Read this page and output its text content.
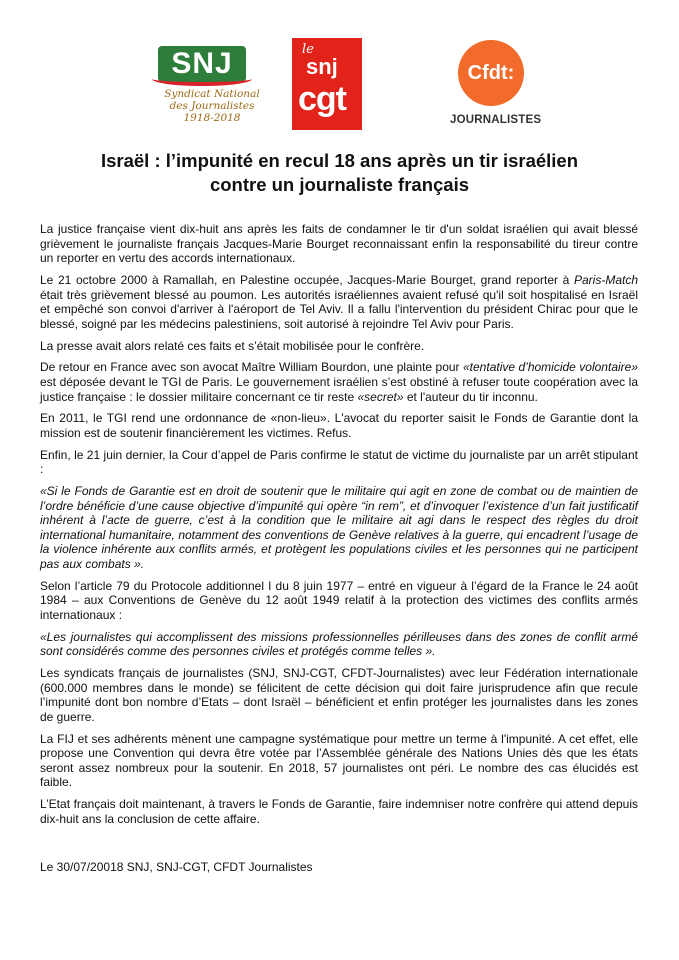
SNJ
Syndicat National
des Journalistes
1918-2018
le
snj
cgt
Cfdt:
JOURNALISTES
Israël : l’impunité en recul 18 ans après un tir israélien
contre un journaliste français

La justice française vient dix-huit ans après les faits de condamner le tir d'un soldat israélien qui avait blessé grièvement le journaliste français Jacques-Marie Bourget reconnaissant enfin la responsabilité du tireur contre un reporter en vertu des accords internationaux.

Le 21 octobre 2000 à Ramallah, en Palestine occupée, Jacques-Marie Bourget, grand reporter à Paris-Match était très grièvement blessé au poumon. Les autorités israéliennes avaient refusé qu'il soit hospitalisé en Israël et empêché son convoi d'arriver à l'aéroport de Tel Aviv. Il a fallu l'intervention du président Chirac pour que le blessé, soigné par les médecins palestiniens, soit autorisé à rejoindre Tel Aviv pour Paris.

La presse avait alors relaté ces faits et s’était mobilisée pour le confrère.

De retour en France avec son avocat Maître William Bourdon, une plainte pour «tentative d’homicide volontaire» est déposée devant le TGI de Paris. Le gouvernement israélien s’est obstiné à refuser toute coopération avec la justice française : le dossier militaire concernant ce tir reste «secret» et l'auteur du tir inconnu.

En 2011, le TGI rend une ordonnance de «non-lieu». L'avocat du reporter saisit le Fonds de Garantie dont la mission est de soutenir financièrement les victimes. Refus.

Enfin, le 21 juin dernier, la Cour d’appel de Paris confirme le statut de victime du journaliste par un arrêt stipulant :

«Si le Fonds de Garantie est en droit de soutenir que le militaire qui agit en zone de combat ou de maintien de l’ordre bénéficie d’une cause objective d’impunité qui opère “in rem”, et d’invoquer l’existence d’un fait justificatif inhérent à l’acte de guerre, c’est à la condition que le militaire ait agi dans le respect des règles du droit international humanitaire, notamment des conventions de Genève relatives à la guerre, qui encadrent l’usage de la violence inhérente aux conflits armés, et protègent les populations civiles et les personnes qui ne participent pas aux combats ».

Selon l’article 79 du Protocole additionnel I du 8 juin 1977 – entré en vigueur à l’égard de la France le 24 août 1984 – aux Conventions de Genève du 12 août 1949 relatif à la protection des victimes des conflits armés internationaux :

«Les journalistes qui accomplissent des missions professionnelles périlleuses dans des zones de conflit armé sont considérés comme des personnes civiles et protégés comme telles ».

Les syndicats français de journalistes (SNJ, SNJ-CGT, CFDT-Journalistes) avec leur Fédération internationale (600.000 membres dans le monde) se félicitent de cette décision qui doit faire jurisprudence afin que recule l’impunité dont bon nombre d’Etats – dont Israël – bénéficient et enfin protéger les journalistes dans les zones de guerre.

La FIJ et ses adhérents mènent une campagne systématique pour mettre un terme à l'impunité. A cet effet, elle propose une Convention qui devra être votée par l’Assemblée générale des Nations Unies dès que les états seront assez nombreux pour la soutenir. En 2018, 57 journalistes ont péri. Le nombre des cas élucidés est faible.

L’Etat français doit maintenant, à travers le Fonds de Garantie, faire indemniser notre confrère qui attend depuis dix-huit ans la conclusion de cette affaire.

Le 30/07/20018 SNJ, SNJ-CGT, CFDT Journalistes
